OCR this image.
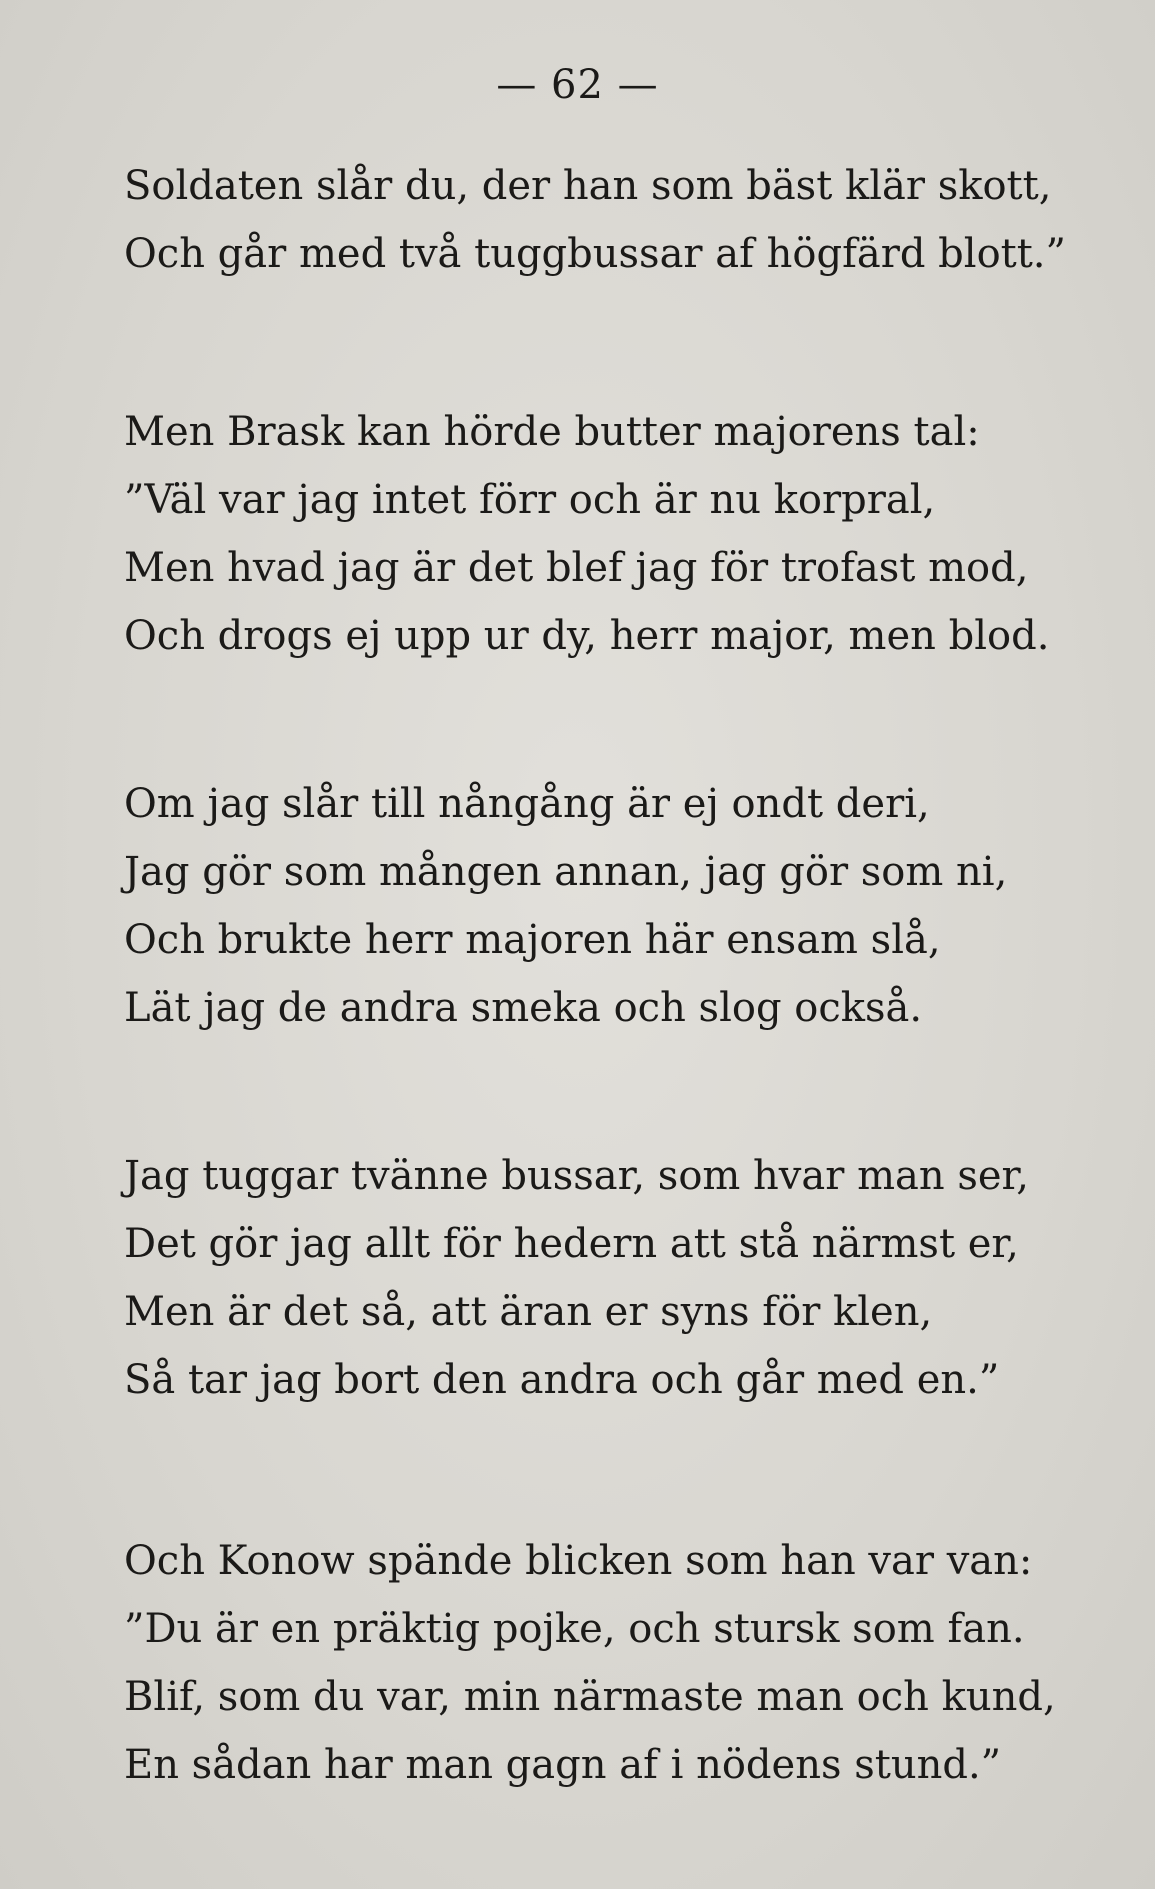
— 62 —
Soldaten slår du, der han som bäst klär skott,
Och går med två tuggbussar af högfärd blott.”
Men Brask kan hörde butter majorens tal:
”Väl var jag intet förr och är nu korpral,
Men hvad jag är det blef jag för trofast mod,
Och drogs ej upp ur dy, herr major, men blod.
Om jag slår till nångång är ej ondt deri,
Jag gör som mången annan, jag gör som ni,
Och brukte herr majoren här ensam slå,
Lät jag de andra smeka och slog också.
Jag tuggar tvänne bussar, som hvar man ser,
Det gör jag allt för hedern att stå närmst er,
Men är det så, att äran er syns för klen,
Så tar jag bort den andra och går med en.”
Och Konow spände blicken som han var van:
”Du är en präktig pojke, och stursk som fan.
Blif, som du var, min närmaste man och kund,
En sådan har man gagn af i nödens stund.”
